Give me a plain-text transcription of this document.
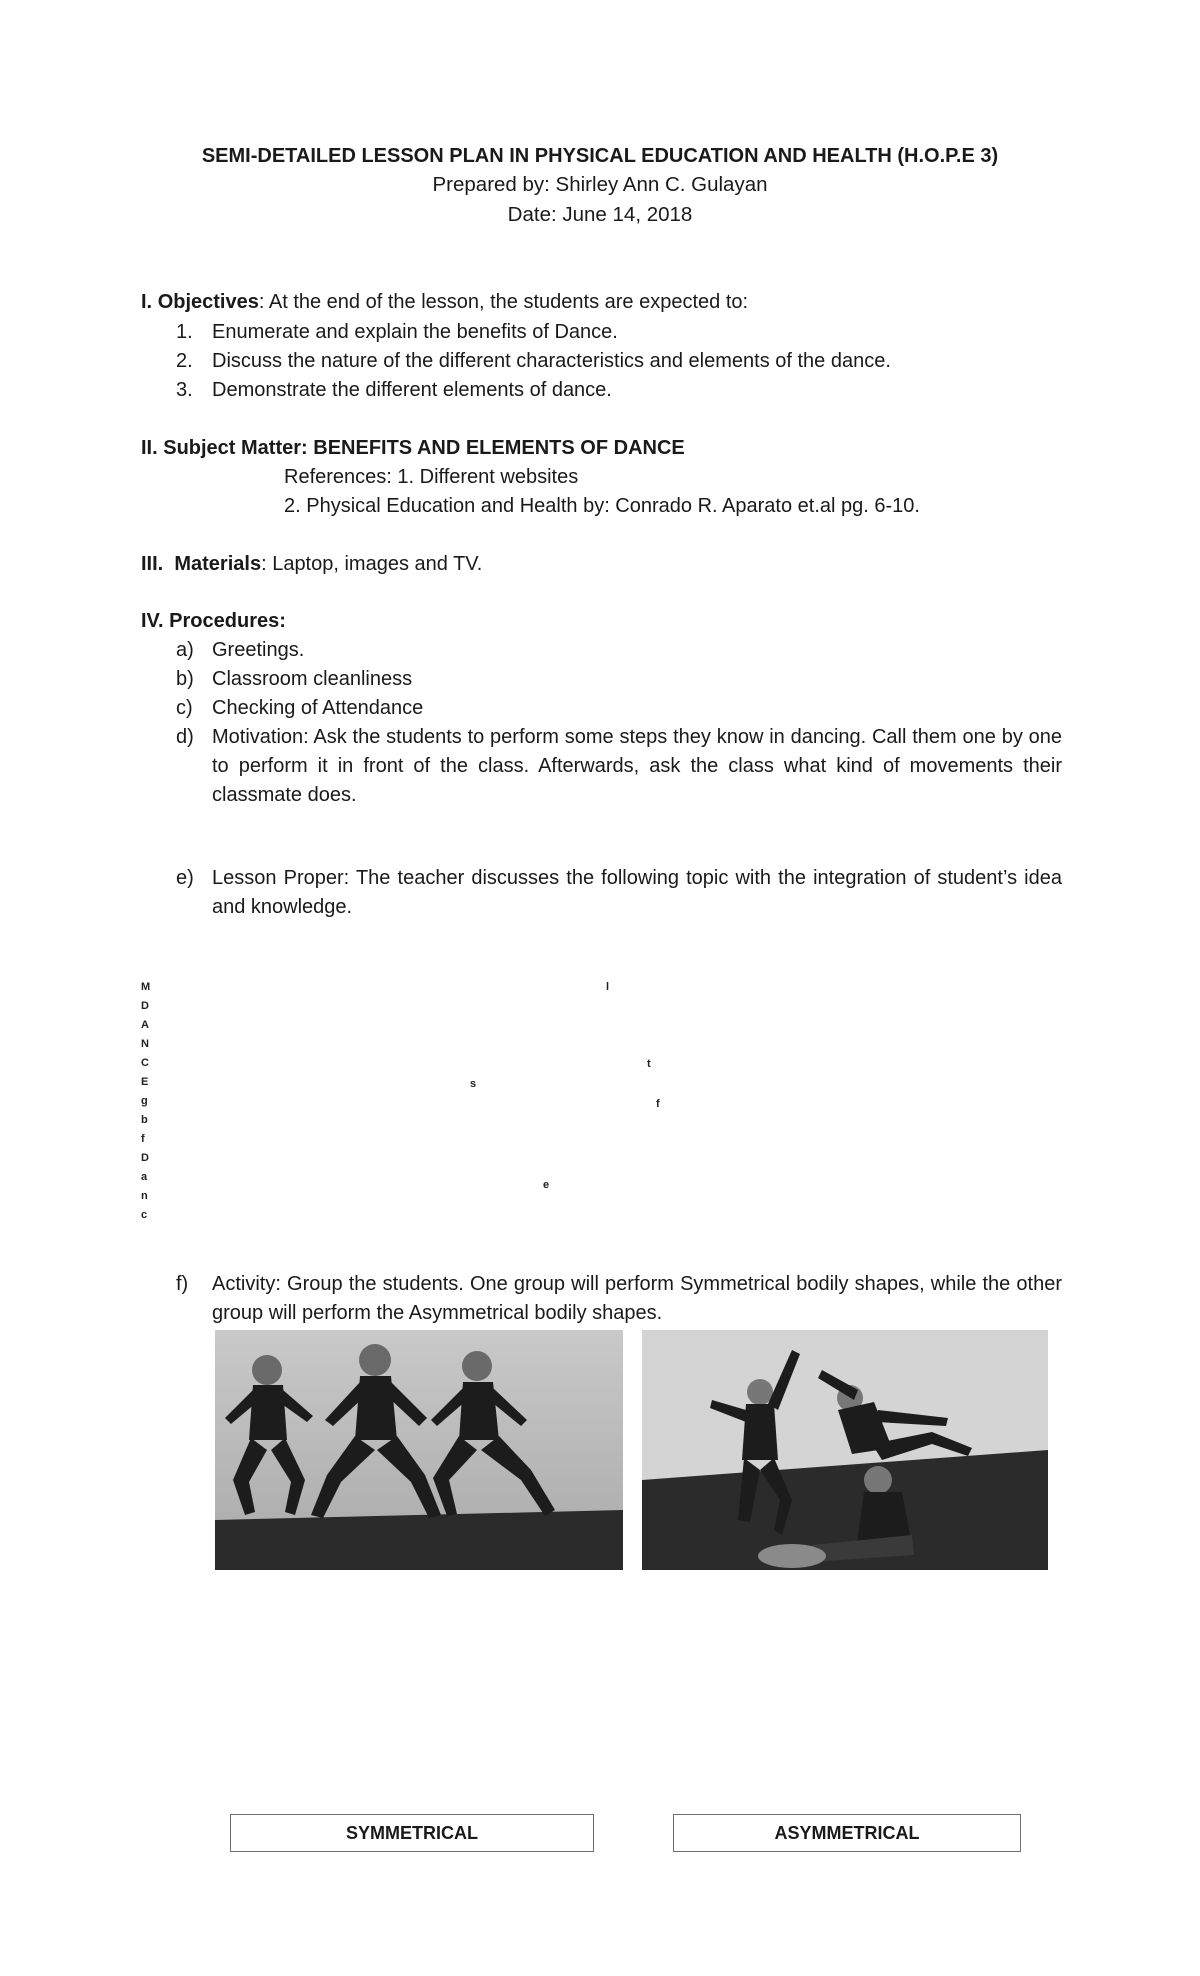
SEMI-DETAILED LESSON PLAN IN PHYSICAL EDUCATION AND HEALTH (H.O.P.E 3)
Prepared by: Shirley Ann C. Gulayan
Date: June 14, 2018
I. Objectives: At the end of the lesson, the students are expected to:
1. Enumerate and explain the benefits of Dance.
2. Discuss the nature of the different characteristics and elements of the dance.
3. Demonstrate the different elements of dance.
II. Subject Matter: BENEFITS AND ELEMENTS OF DANCE
References: 1. Different websites
2. Physical Education and Health by: Conrado R. Aparato et.al pg. 6-10.
III. Materials: Laptop, images and TV.
IV. Procedures:
a) Greetings.
b) Classroom cleanliness
c) Checking of Attendance
d) Motivation: Ask the students to perform some steps they know in dancing. Call them one by one to perform it in front of the class. Afterwards, ask the class what kind of movements their classmate does.
e) Lesson Proper: The teacher discusses the following topic with the integration of student’s idea and knowledge.
M
D
A
N
C
E
g
b
f
D
a
n
c
l
t
s
f
e
f) Activity: Group the students. One group will perform Symmetrical bodily shapes, while the other group will perform the Asymmetrical bodily shapes.
SYMMETRICAL	ASYMMETRICAL
